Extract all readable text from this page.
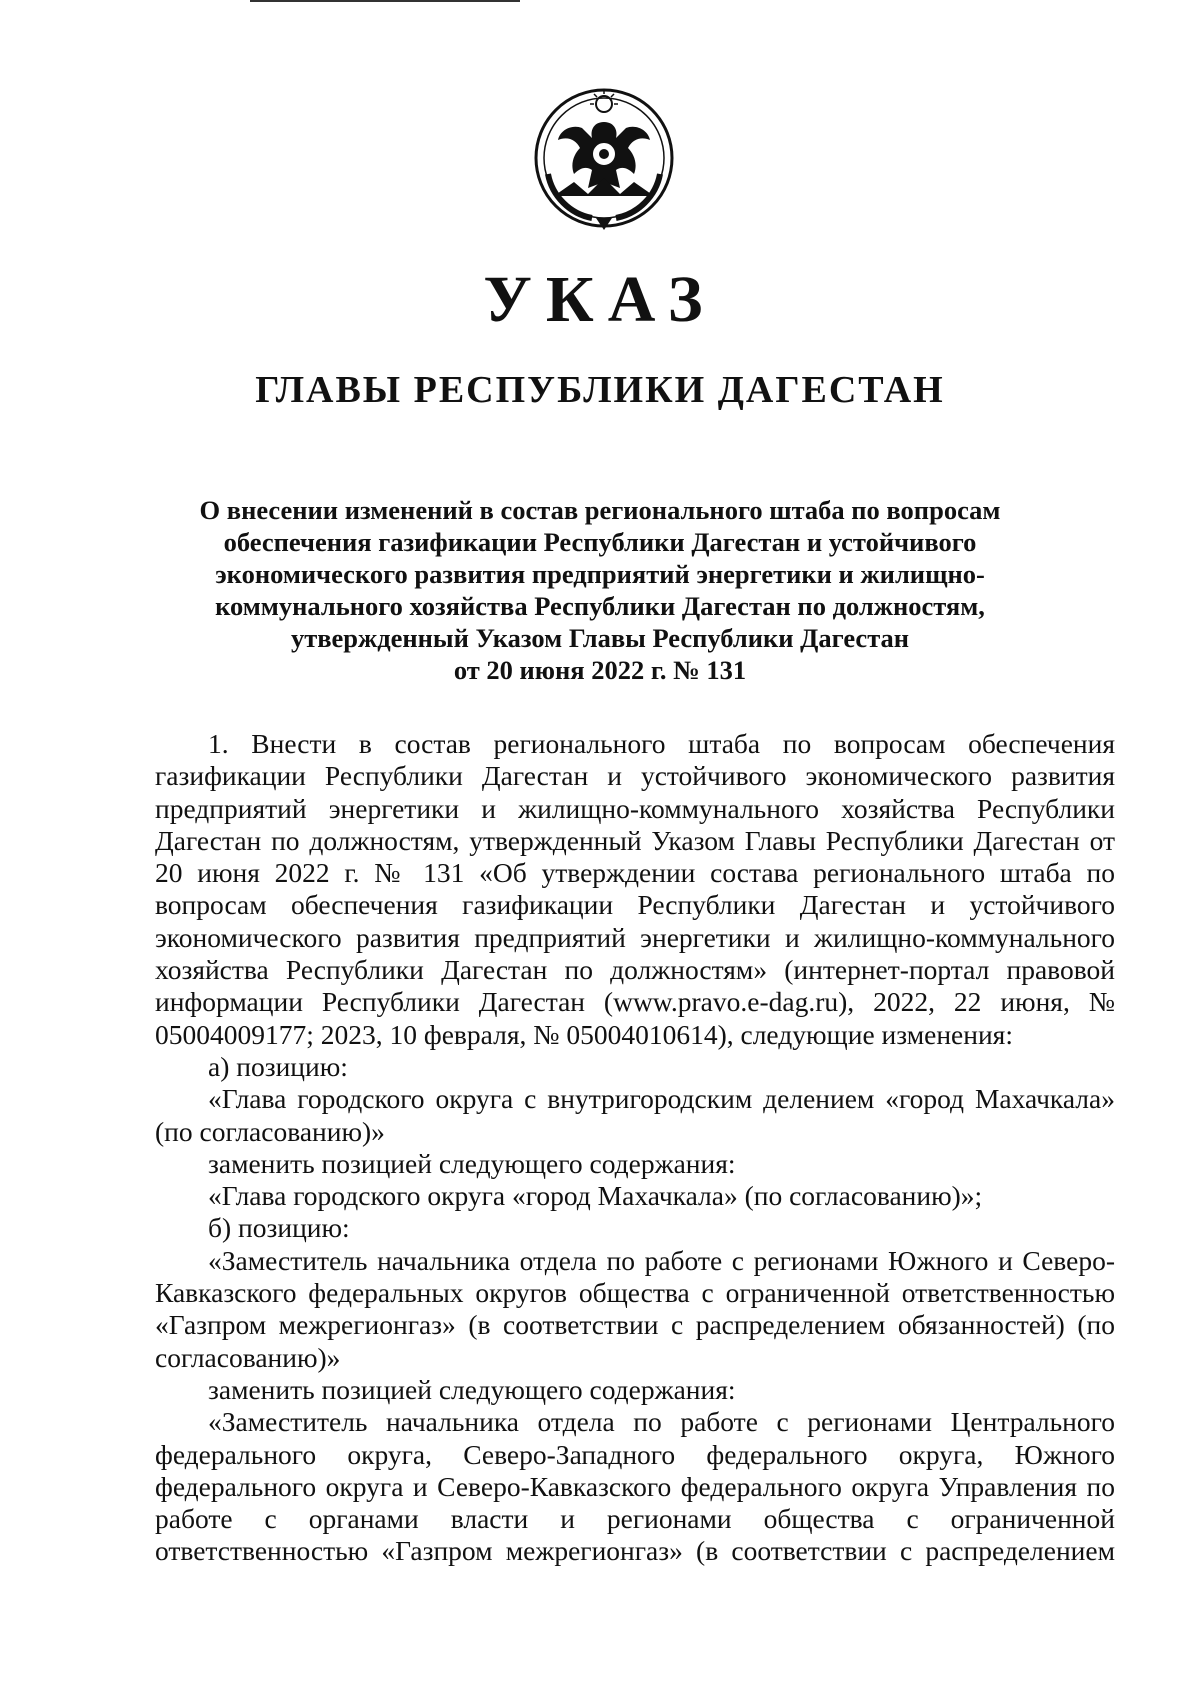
УКАЗ
ГЛАВЫ РЕСПУБЛИКИ ДАГЕСТАН
О внесении изменений в состав регионального штаба по вопросам
обеспечения газификации Республики Дагестан и устойчивого
экономического развития предприятий энергетики и жилищно-
коммунального хозяйства Республики Дагестан по должностям,
утвержденный Указом Главы Республики Дагестан
от 20 июня 2022 г. № 131

1. Внести в состав регионального штаба по вопросам обеспечения газификации Республики Дагестан и устойчивого экономического развития предприятий энергетики и жилищно-коммунального хозяйства Республики Дагестан по должностям, утвержденный Указом Главы Республики Дагестан от 20 июня 2022 г. № 131 «Об утверждении состава регионального штаба по вопросам обеспечения газификации Республики Дагестан и устойчивого экономического развития предприятий энергетики и жилищно-коммунального хозяйства Республики Дагестан по должностям» (интернет-портал правовой информации Республики Дагестан (www.pravo.e-dag.ru), 2022, 22 июня, № 05004009177; 2023, 10 февраля, № 05004010614), следующие изменения:

а) позицию:

«Глава городского округа с внутригородским делением «город Махачкала» (по согласованию)»

заменить позицией следующего содержания:

«Глава городского округа «город Махачкала» (по согласованию)»;

б) позицию:

«Заместитель начальника отдела по работе с регионами Южного и Северо-Кавказского федеральных округов общества с ограниченной ответственностью «Газпром межрегионгаз» (в соответствии с распределением обязанностей) (по согласованию)»

заменить позицией следующего содержания:

«Заместитель начальника отдела по работе с регионами Центрального федерального округа, Северо-Западного федерального округа, Южного федерального округа и Северо-Кавказского федерального округа Управления по работе с органами власти и регионами общества с ограниченной ответственностью «Газпром межрегионгаз» (в соответствии с распределением
